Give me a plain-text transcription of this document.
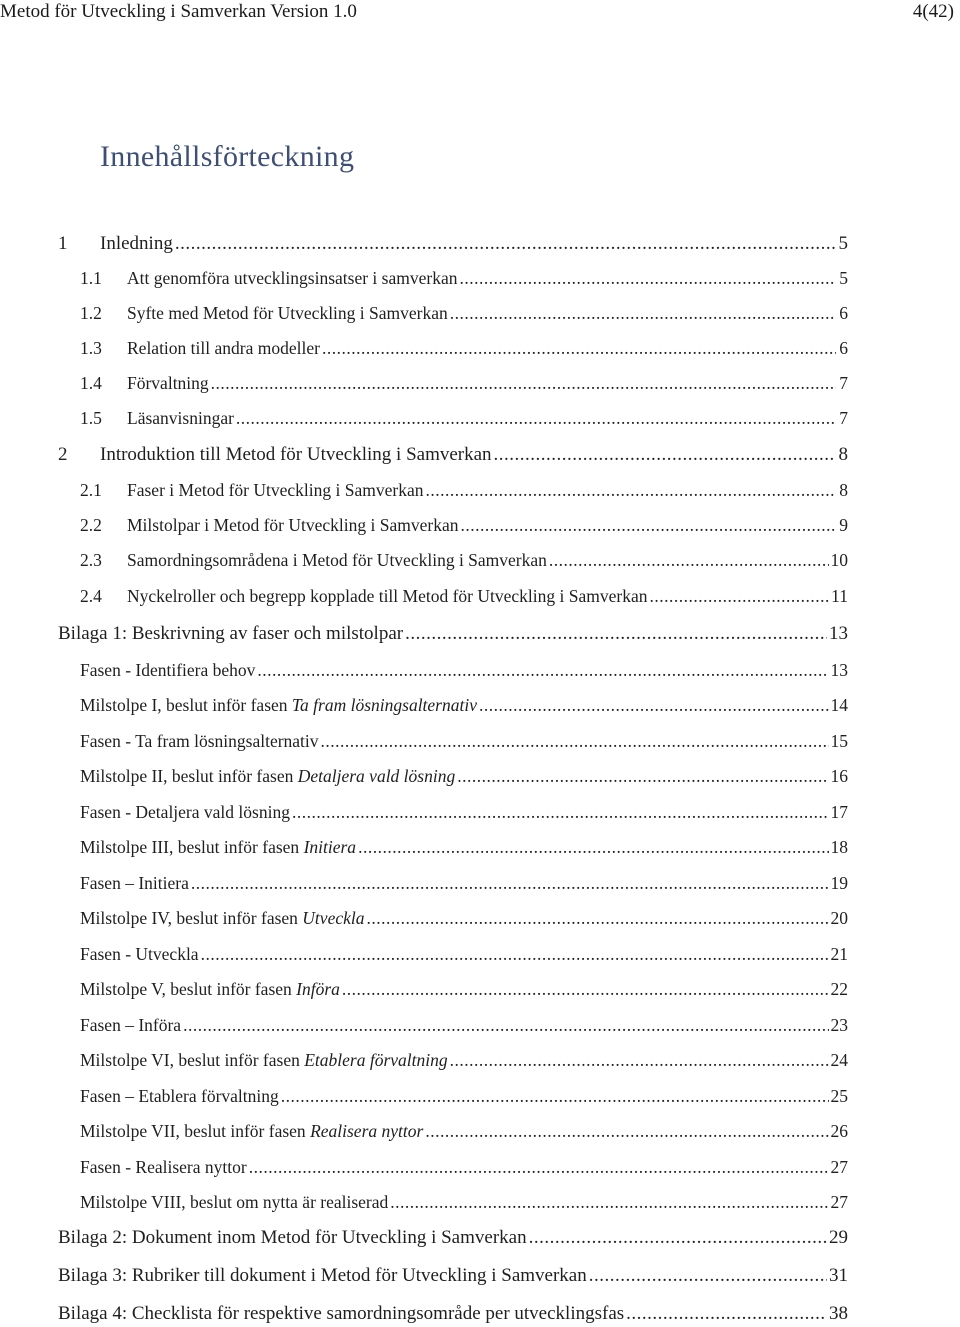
Metod för Utveckling i Samverkan Version 1.0	4(42)
Innehållsförteckning
1	Inledning .....	5
1.1	Att genomföra utvecklingsinsatser i samverkan .....	5
1.2	Syfte med Metod för Utveckling i Samverkan .....	6
1.3	Relation till andra modeller .....	6
1.4	Förvaltning .....	7
1.5	Läsanvisningar .....	7
2	Introduktion till Metod för Utveckling i Samverkan .....	8
2.1	Faser i Metod för Utveckling i Samverkan .....	8
2.2	Milstolpar i Metod för Utveckling i Samverkan .....	9
2.3	Samordningsområdena i Metod för Utveckling i Samverkan .....	10
2.4	Nyckelroller och begrepp kopplade till Metod för Utveckling i Samverkan .....	11
Bilaga 1: Beskrivning av faser och milstolpar .....	13
Fasen - Identifiera behov .....	13
Milstolpe I, beslut inför fasen Ta fram lösningsalternativ .....	14
Fasen - Ta fram lösningsalternativ .....	15
Milstolpe II, beslut inför fasen Detaljera vald lösning .....	16
Fasen - Detaljera vald lösning .....	17
Milstolpe III, beslut inför fasen Initiera .....	18
Fasen – Initiera .....	19
Milstolpe IV, beslut inför fasen Utveckla .....	20
Fasen - Utveckla .....	21
Milstolpe V, beslut inför fasen Införa .....	22
Fasen – Införa .....	23
Milstolpe VI, beslut inför fasen Etablera förvaltning .....	24
Fasen – Etablera förvaltning .....	25
Milstolpe VII, beslut inför fasen Realisera nyttor .....	26
Fasen - Realisera nyttor .....	27
Milstolpe VIII, beslut om nytta är realiserad .....	27
Bilaga 2: Dokument inom Metod för Utveckling i Samverkan .....	29
Bilaga 3: Rubriker till dokument i Metod för Utveckling i Samverkan .....	31
Bilaga 4: Checklista för respektive samordningsområde per utvecklingsfas .....	38
